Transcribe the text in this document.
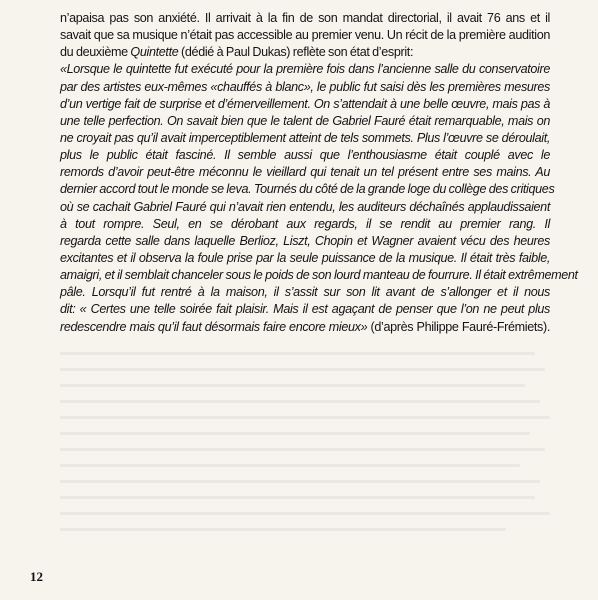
n’apaisa pas son anxiété. Il arrivait à la fin de son mandat directorial, il avait 76 ans et il
savait que sa musique n’était pas accessible au premier venu. Un récit de la première audition
du deuxième Quintette (dédié à Paul Dukas) reflète son état d’esprit:
«Lorsque le quintette fut exécuté pour la première fois dans l’ancienne salle du conservatoire
par des artistes eux-mêmes «chauffés à blanc», le public fut saisi dès les premières mesures
d’un vertige fait de surprise et d’émerveillement. On s’attendait à une belle œuvre, mais pas à
une telle perfection. On savait bien que le talent de Gabriel Fauré était remarquable, mais on
ne croyait pas qu’il avait imperceptiblement atteint de tels sommets. Plus l’œuvre se déroulait,
plus le public était fasciné. Il semble aussi que l’enthousiasme était couplé avec le
remords d’avoir peut-être méconnu le vieillard qui tenait un tel présent entre ses mains. Au
dernier accord tout le monde se leva. Tournés du côté de la grande loge du collège des critiques
où se cachait Gabriel Fauré qui n’avait rien entendu, les auditeurs déchaînés applaudissaient
à tout rompre. Seul, en se dérobant aux regards, il se rendit au premier rang. Il
regarda cette salle dans laquelle Berlioz, Liszt, Chopin et Wagner avaient vécu des heures
excitantes et il observa la foule prise par la seule puissance de la musique. Il était très faible,
amaigri, et il semblait chanceler sous le poids de son lourd manteau de fourrure. Il était extrêmement
pâle. Lorsqu’il fut rentré à la maison, il s’assit sur son lit avant de s’allonger et il nous
dit: « Certes une telle soirée fait plaisir. Mais il est agaçant de penser que l’on ne peut plus
redescendre mais qu’il faut désormais faire encore mieux» (d’après Philippe Fauré-Frémiets).
12
